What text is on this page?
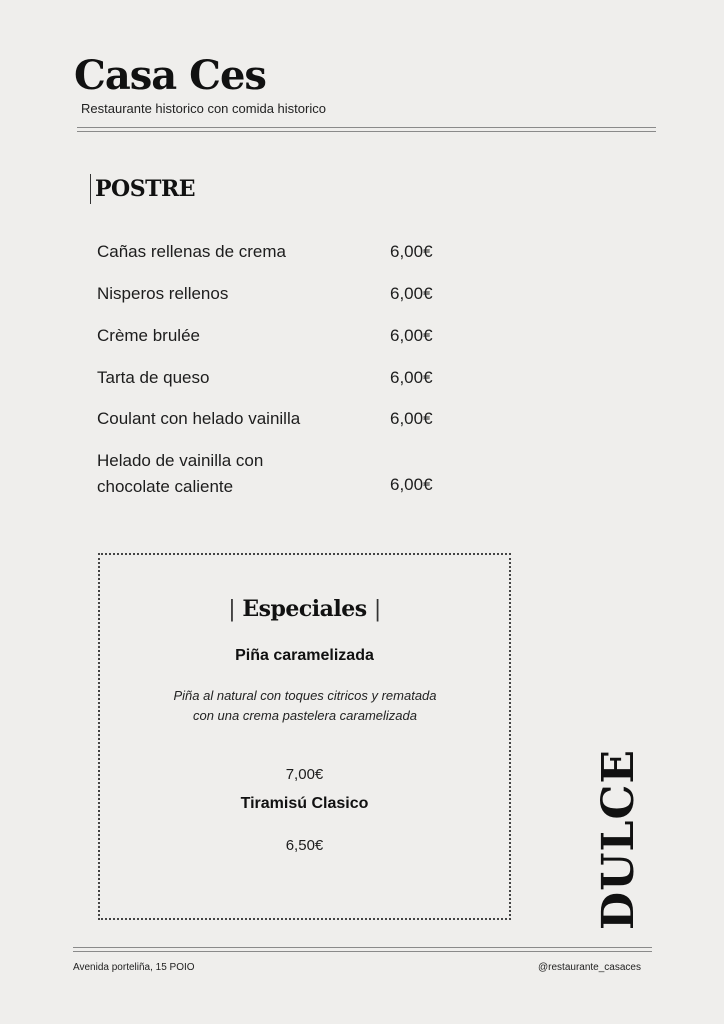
Casa Ces
Restaurante historico con comida historico
POSTRE
Cañas rellenas de crema	6,00€
Nisperos rellenos	6,00€
Crème brulée	6,00€
Tarta de queso	6,00€
Coulant con helado vainilla	6,00€
Helado de vainilla con chocolate caliente	6,00€
| Especiales |
Piña caramelizada
Piña al natural con toques citricos y rematada con una crema pastelera caramelizada
7,00€
Tiramisú Clasico
6,50€	DULCE
Avenida porteliña, 15 POIO	@restaurante_casaces
